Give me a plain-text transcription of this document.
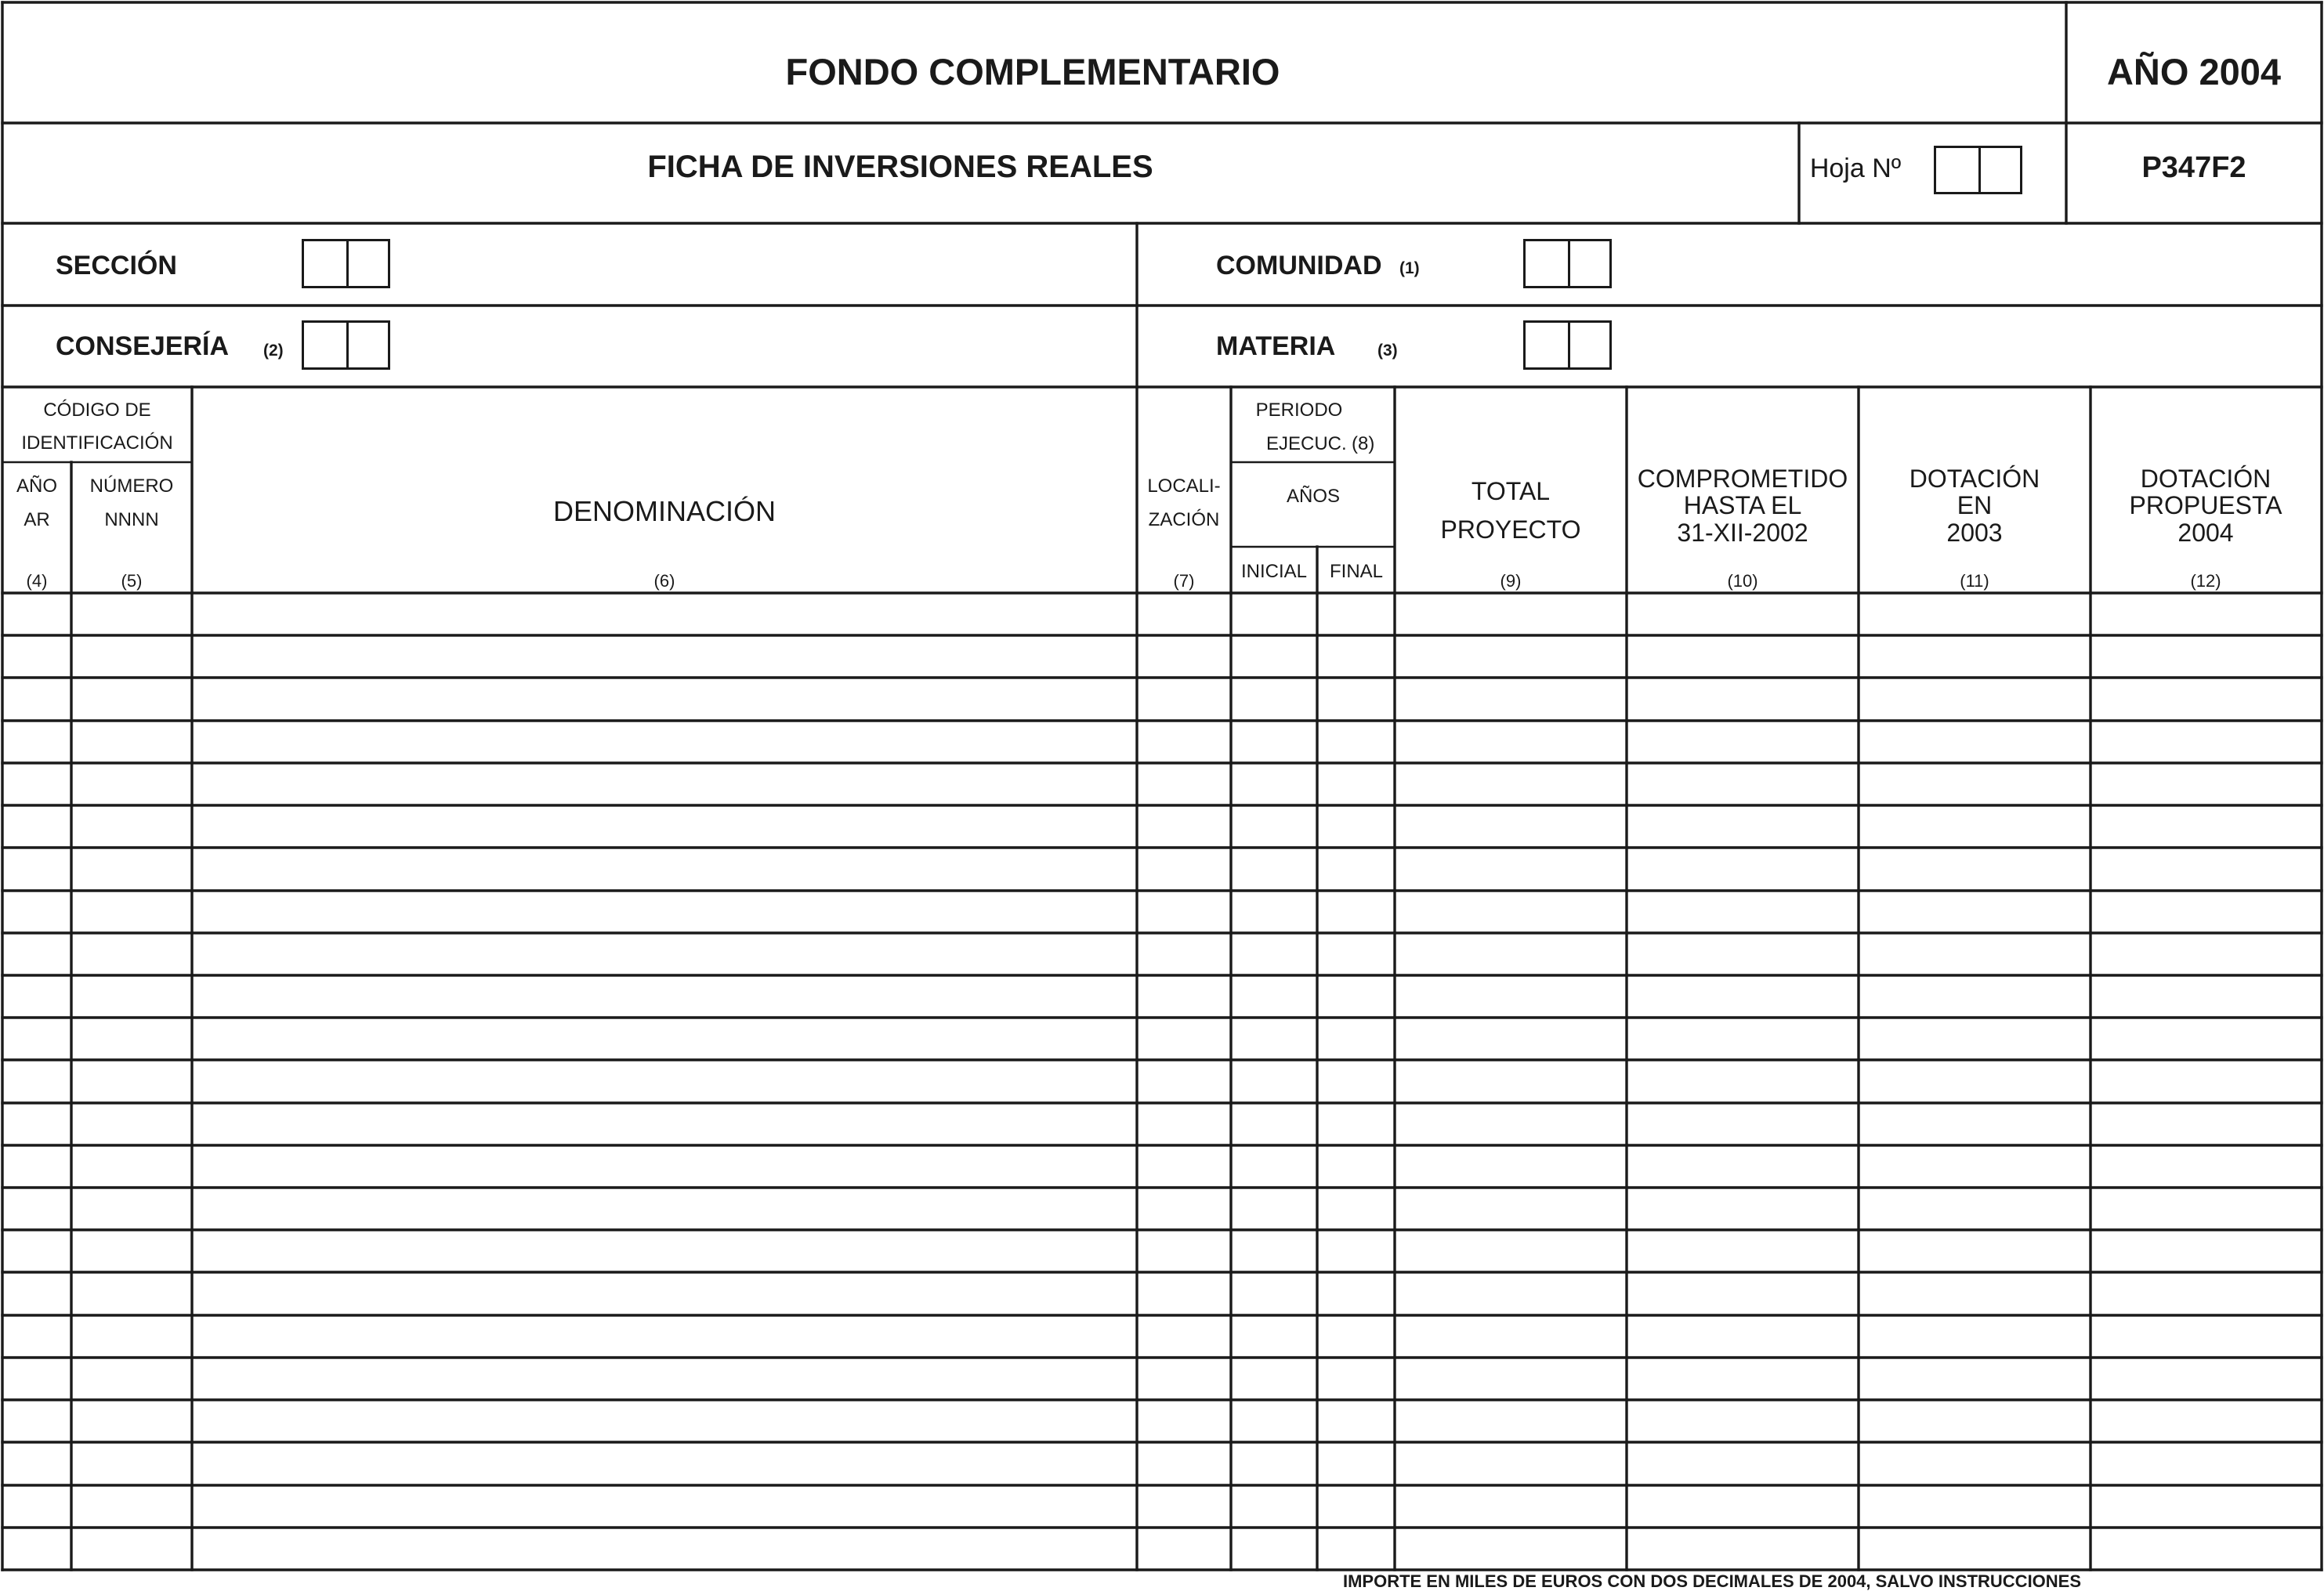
FONDO COMPLEMENTARIO	AÑO 2004
FICHA DE INVERSIONES REALES	Hoja Nº	P347F2
SECCIÓN	COMUNIDAD (1)
CONSEJERÍA (2)	MATERIA	(3)
CÓDIGO DE
IDENTIFICACIÓN
AÑO
AR
(4)
NÚMERO
NNNN
(5)
DENOMINACIÓN
(6)
LOCALI-
ZACIÓN
(7)
PERIODO
EJECUC. (8)
AÑOS
INICIAL FINAL
TOTAL
PROYECTO
(9)
COMPROMETIDO
HASTA EL
31-XII-2002
(10)
DOTACIÓN
EN
2003
(11)
DOTACIÓN
PROPUESTA
2004
(12)
IMPORTE EN MILES DE EUROS CON DOS DECIMALES DE 2004, SALVO INSTRUCCIONES
